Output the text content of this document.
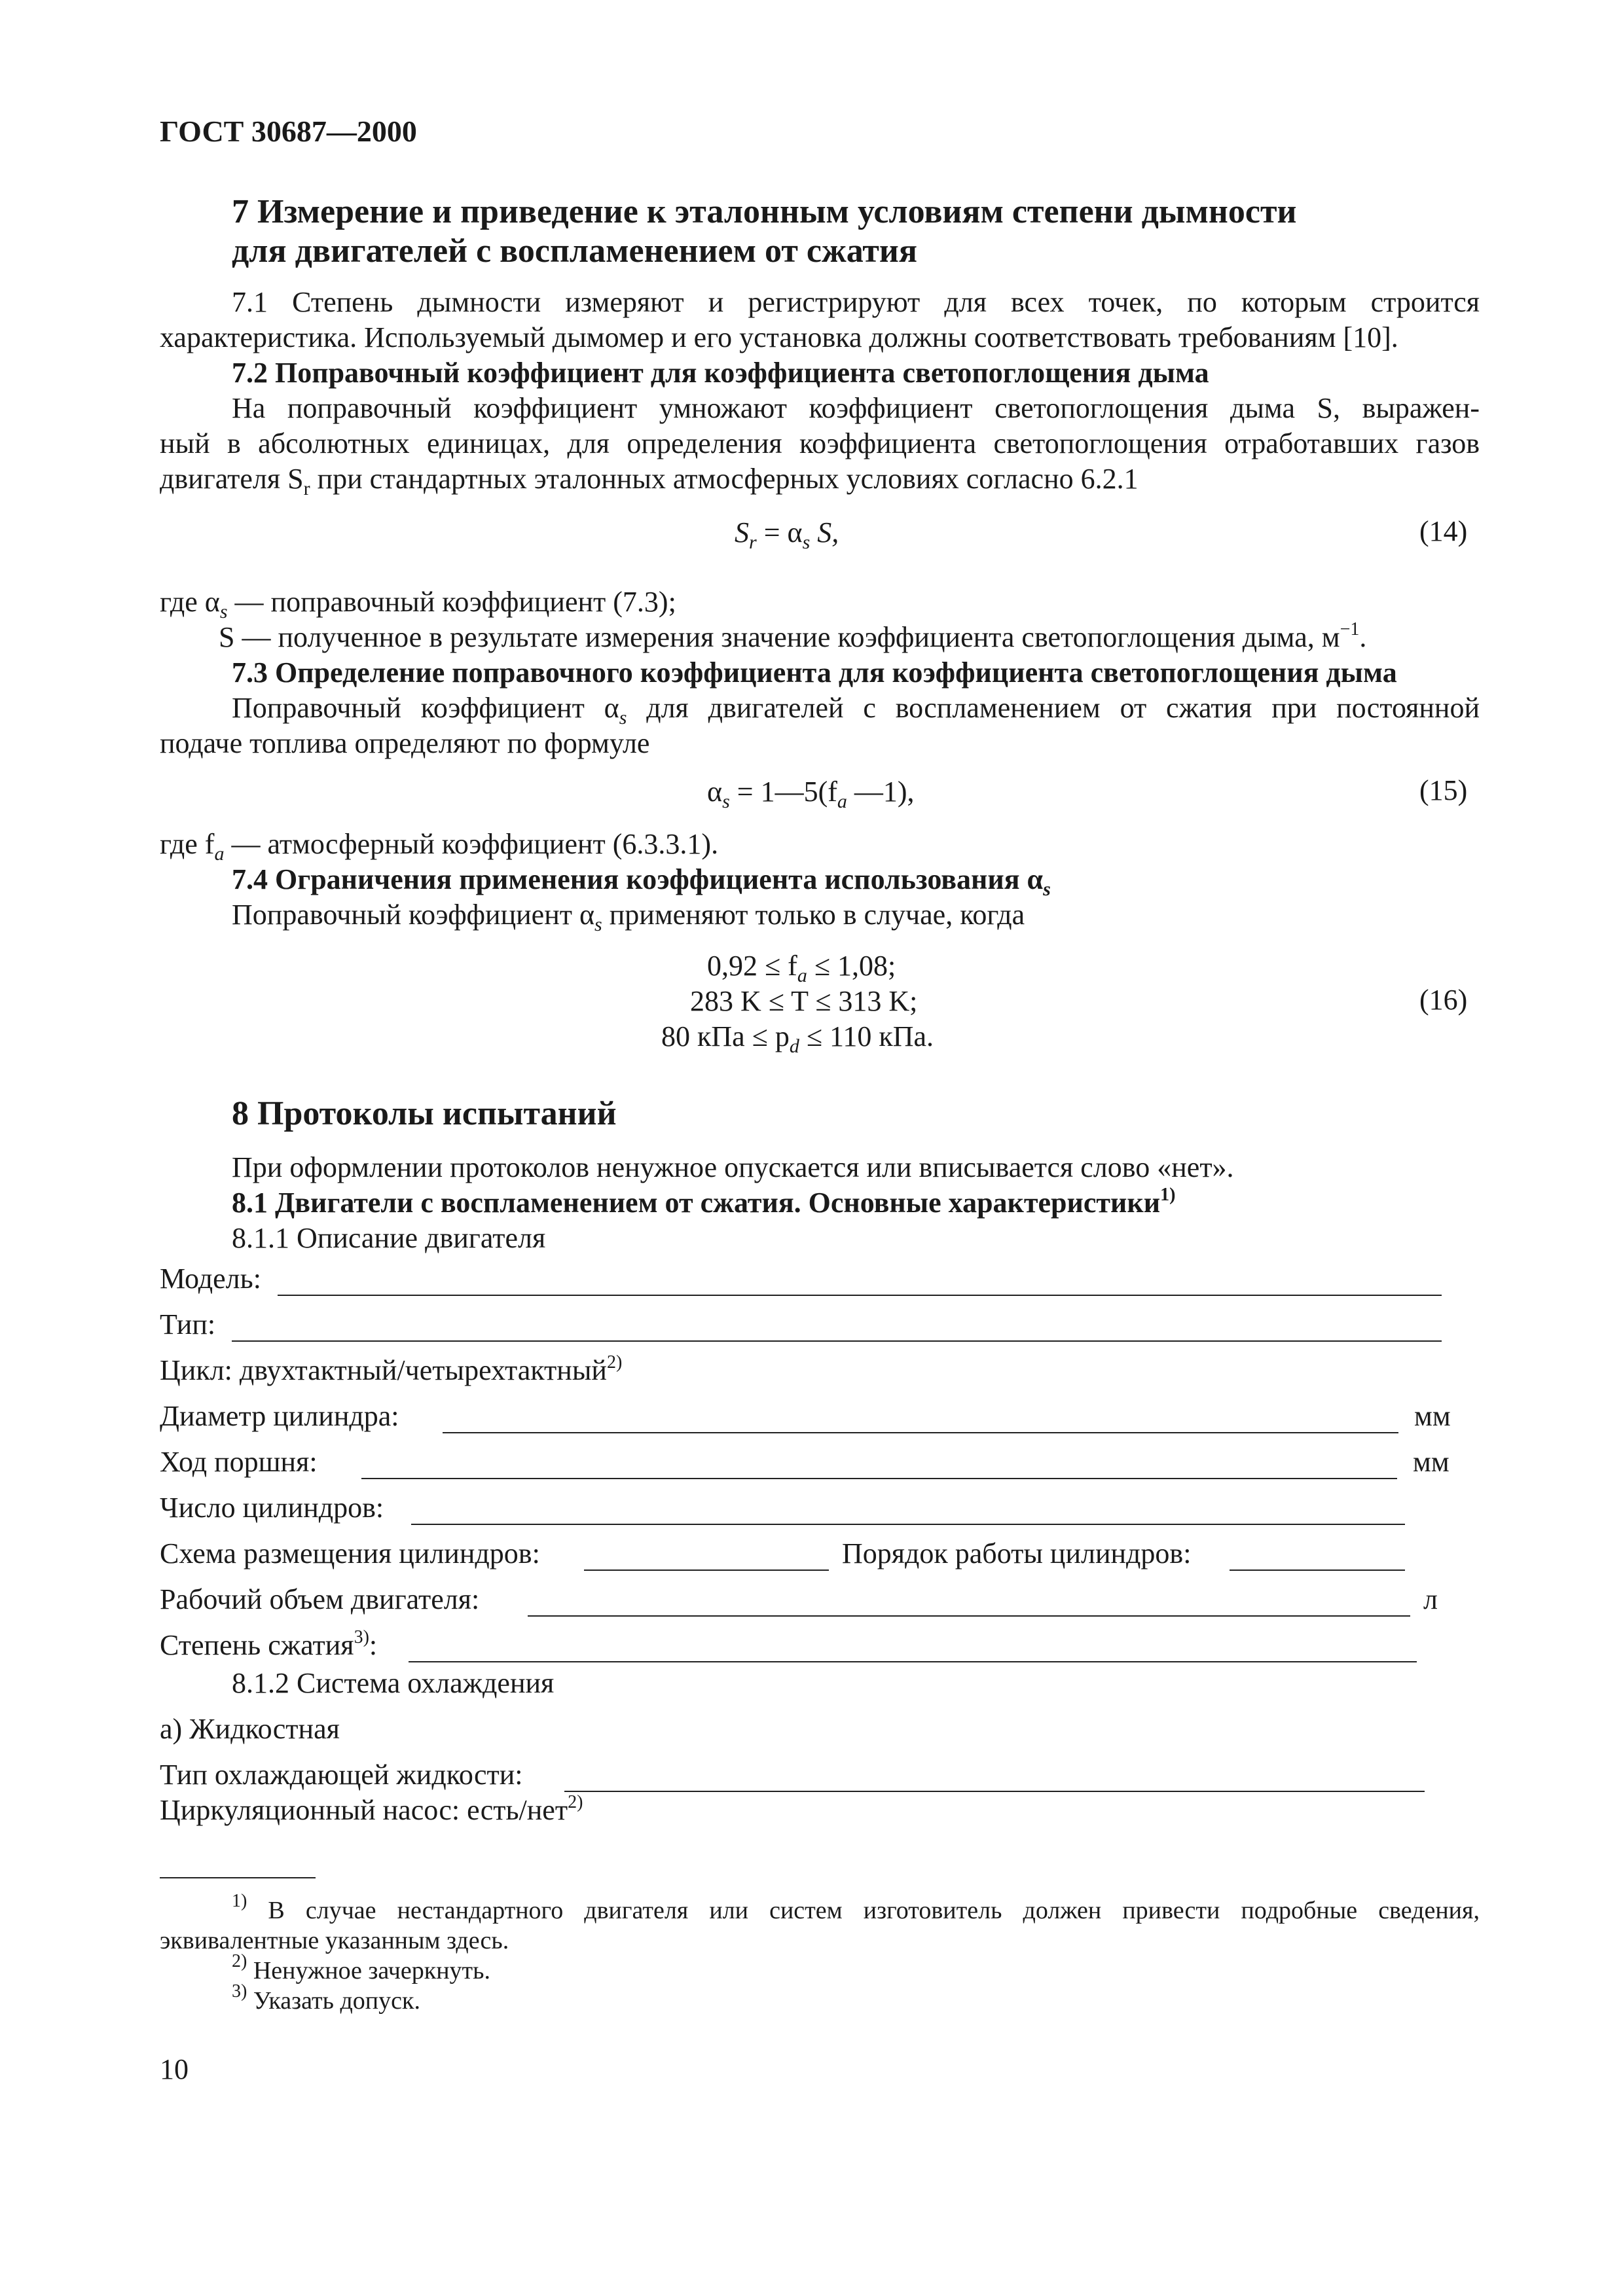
ГОСТ 30687—2000
7 Измерение и приведение к эталонным условиям степени дымности
для двигателей с воспламенением от сжатия
7.1 Степень дымности измеряют и регистрируют для всех точек, по которым строится
характеристика. Используемый дымомер и его установка должны соответствовать требованиям [10].
7.2 Поправочный коэффициент для коэффициента светопоглощения дыма
На поправочный коэффициент умножают коэффициент светопоглощения дыма S, выражен-
ный в абсолютных единицах, для определения коэффициента светопоглощения отработавших газов
двигателя $S_r$ при стандартных эталонных атмосферных условиях согласно 6.2.1
$S_r = \alpha_s$ S,	(14)
где $\alpha_s$ — поправочный коэффициент (7.3);
S — полученное в результате измерения значение коэффициента светопоглощения дыма, $м^{-1}$.
7.3 Определение поправочного коэффициента для коэффициента светопоглощения дыма
Поправочный коэффициент $\alpha_s$ для двигателей с воспламенением от сжатия при постоянной
подаче топлива определяют по формуле
$\alpha_s$ = $1—5(f_a$ —1),	(15)
где $f_a$ — атмосферный коэффициент (6.3.3.1).
7.4 Ограничения применения коэффициента использования $\alpha_s$
Поправочный коэффициент $\alpha_s$ применяют только в случае, когда
$0,92 \le f_a \le 1,08$;
283 K ≤ T ≤ 313 K;
80 кПа ≤ $p_d \le 110$ кПа.
(16)
8 Протоколы испытаний
При оформлении протоколов ненужное опускается или вписывается слово «нет».
8.1 Двигатели с воспламенением от сжатия. Основные характеристики$^{1)}$
8.1.1 Описание двигателя
Модель:
Тип:
Цикл: двухтактный/четырехтактный$^{2)}$
Диаметр цилиндра:	мм
Ход поршня:	мм
Число цилиндров:
Схема размещения цилиндров:	Порядок работы цилиндров:
Рабочий объем двигателя:	л
Степень сжатия$^{3)}$:
8.1.2 Система охлаждения
а) Жидкостная
Тип охлаждающей жидкости:
Циркуляционный насос: есть/нет$^{2)}$
$^{1)}$ В случае нестандартного двигателя или систем изготовитель должен привести подробные сведения,
эквивалентные указанным здесь.
$^{2)}$ Ненужное зачеркнуть.
$^{3)}$ Указать допуск.
10
